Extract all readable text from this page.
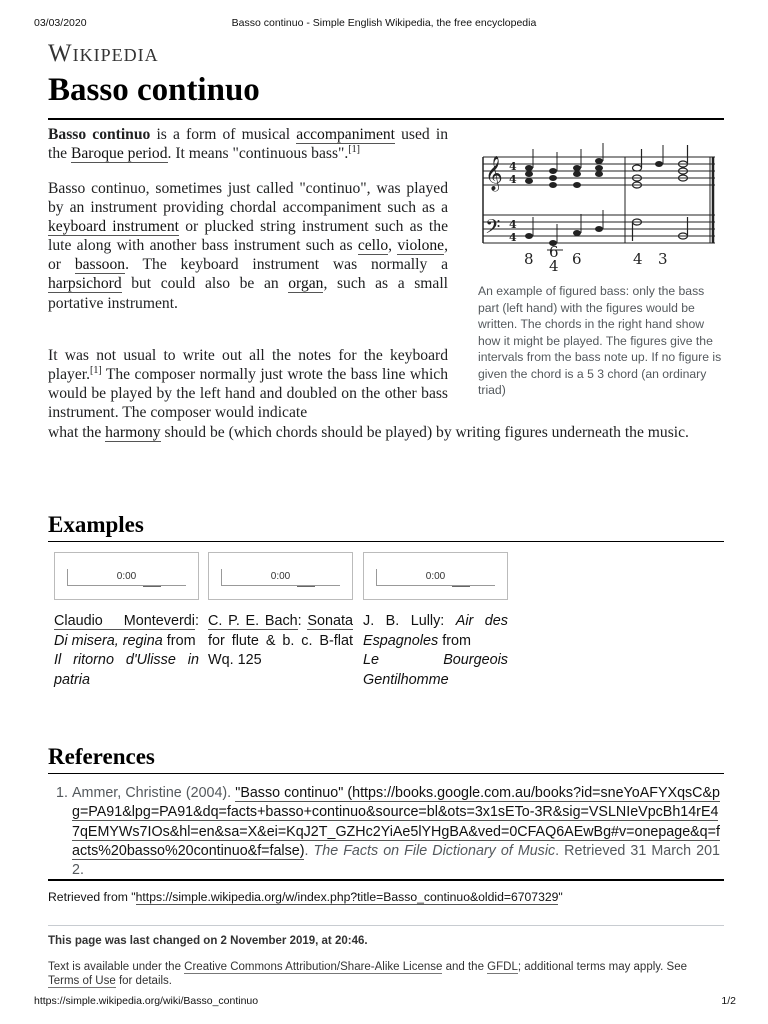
03/03/2020	Basso continuo - Simple English Wikipedia, the free encyclopedia
Wikipedia
Basso continuo
Basso continuo is a form of musical accompaniment used in the Baroque period. It means "continuous bass".[1]
Basso continuo, sometimes just called "continuo", was played by an instrument providing chordal accompaniment such as a keyboard instrument or plucked string instrument such as the lute along with another bass instrument such as cello, violone, or bassoon. The keyboard instrument was normally a harpsichord but could also be an organ, such as a small portative instrument.
It was not usual to write out all the notes for the keyboard player.[1] The composer normally just wrote the bass line which would be played by the left hand and doubled on the other bass instrument. The composer would indicate
what the harmony should be (which chords should be played) by writing figures underneath the music.
𝄞
𝄢
4
4
4
4
8 6
4 6	4 3
An example of figured bass: only the bass part (left hand) with the figures would be written. The chords in the right hand show how it might be played. The figures give the intervals from the bass note up. If no figure is given the chord is a 5 3 chord (an ordinary triad)
Examples
0:00	0:00	0:00
Claudio Monteverdi: Di misera, regina from
Il ritorno d'Ulisse in patria
C. P. E. Bach: Sonata for flute & b. c. B-flat Wq. 125
J. B. Lully: Air des Espagnoles from
Le Bourgeois Gentilhomme
References
1. Ammer, Christine (2004). "Basso continuo" (https://books.google.com.au/books?id=sneYoAFYXqsC&pg=PA91&lpg=PA91&dq=facts+basso+continuo&source=bl&ots=3x1sETo-3R&sig=VSLNIeVpcBh14rE47qEMYWs7IOs&hl=en&sa=X&ei=KqJ2T_GZHc2YiAe5lYHgBA&ved=0CFAQ6AEwBg#v=onepage&q=facts%20basso%20continuo&f=false). The Facts on File Dictionary of Music. Retrieved 31 March 2012.
Retrieved from "https://simple.wikipedia.org/w/index.php?title=Basso_continuo&oldid=6707329"
This page was last changed on 2 November 2019, at 20:46.
Text is available under the Creative Commons Attribution/Share-Alike License and the GFDL; additional terms may apply. See Terms of Use for details.
https://simple.wikipedia.org/wiki/Basso_continuo	1/2
